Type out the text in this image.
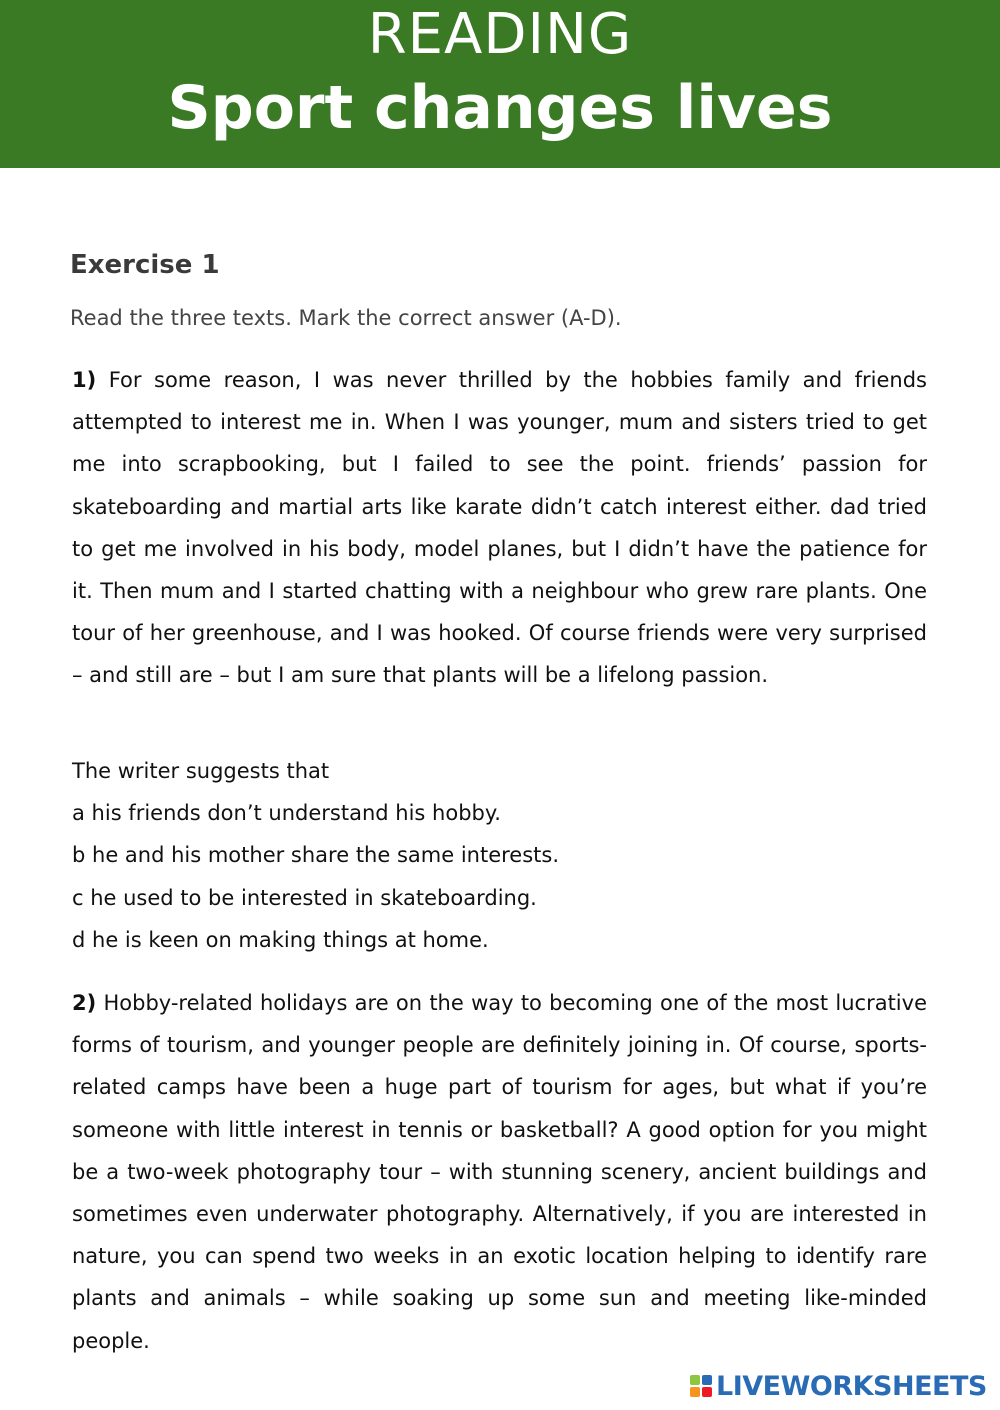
READING
Sport changes lives
Exercise 1
Read the three texts. Mark the correct answer (A-D).

1) For some reason, I was never thrilled by the hobbies family and friends attempted to interest me in. When I was younger, mum and sisters tried to get me into scrapbooking, but I failed to see the point. friends’ passion for skateboarding and martial arts like karate didn’t catch interest either. dad tried to get me involved in his body, model planes, but I didn’t have the patience for it. Then mum and I started chatting with a neighbour who grew rare plants. One tour of her greenhouse, and I was hooked. Of course friends were very surprised – and still are – but I am sure that plants will be a lifelong passion.

The writer suggests that
a his friends don’t understand his hobby.
b he and his mother share the same interests.
c he used to be interested in skateboarding.
d he is keen on making things at home.

2) Hobby-related holidays are on the way to becoming one of the most lucrative forms of tourism, and younger people are definitely joining in. Of course, sports-related camps have been a huge part of tourism for ages, but what if you’re someone with little interest in tennis or basketball? A good option for you might be a two-week photography tour – with stunning scenery, ancient buildings and sometimes even underwater photography. Alternatively, if you are interested in nature, you can spend two weeks in an exotic location helping to identify rare plants and animals – while soaking up some sun and meeting like-minded people.

LIVEWORKSHEETS
